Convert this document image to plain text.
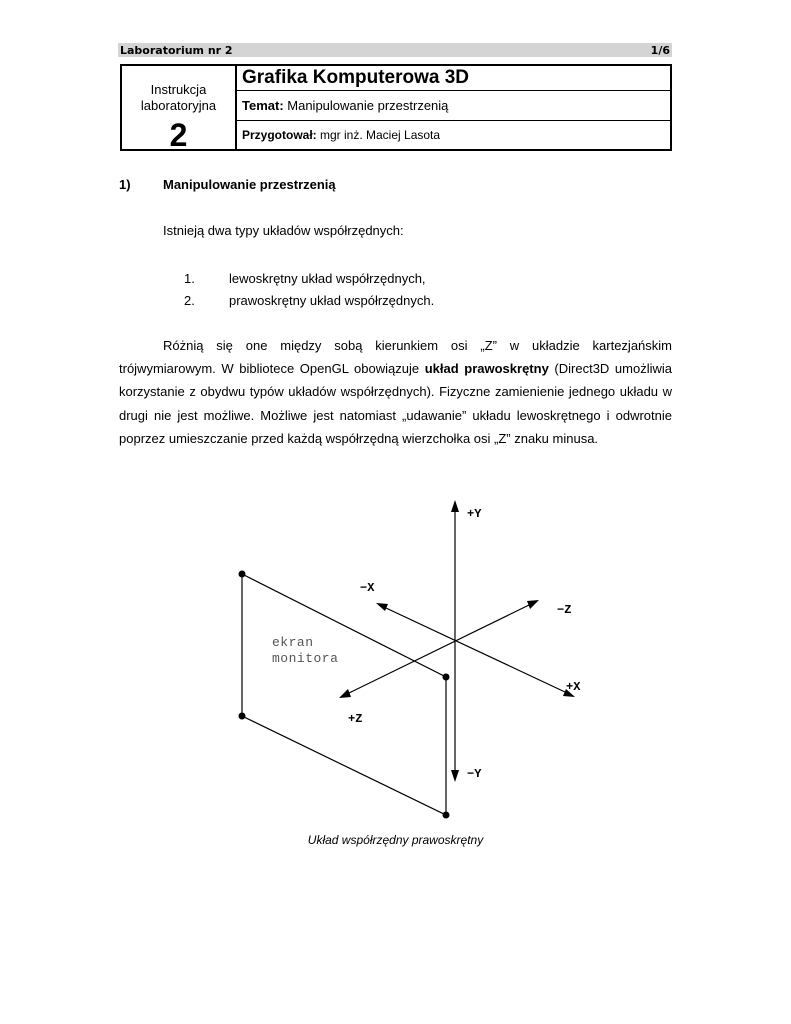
Laboratorium nr 2	1/6
Instrukcja
laboratoryjna
2
Grafika Komputerowa 3D
Temat: Manipulowanie przestrzenią
Przygotował: mgr inż. Maciej Lasota
1) Manipulowanie przestrzenią
Istnieją dwa typy układów współrzędnych:
1.	lewoskrętny układ współrzędnych,
2.	prawoskrętny układ współrzędnych.
Różnią się one między sobą kierunkiem osi „Z” w układzie kartezjańskim trójwymiarowym. W bibliotece OpenGL obowiązuje układ prawoskrętny (Direct3D umożliwia korzystanie z obydwu typów układów współrzędnych). Fizyczne zamienienie jednego układu w drugi nie jest możliwe. Możliwe jest natomiast „udawanie” układu lewoskrętnego i odwrotnie poprzez umieszczanie przed każdą współrzędną wierzchołka osi „Z” znaku minusa.
+Y
−Y
−X
+X
−Z
+Z
ekran
monitora
Układ współrzędny prawoskrętny
